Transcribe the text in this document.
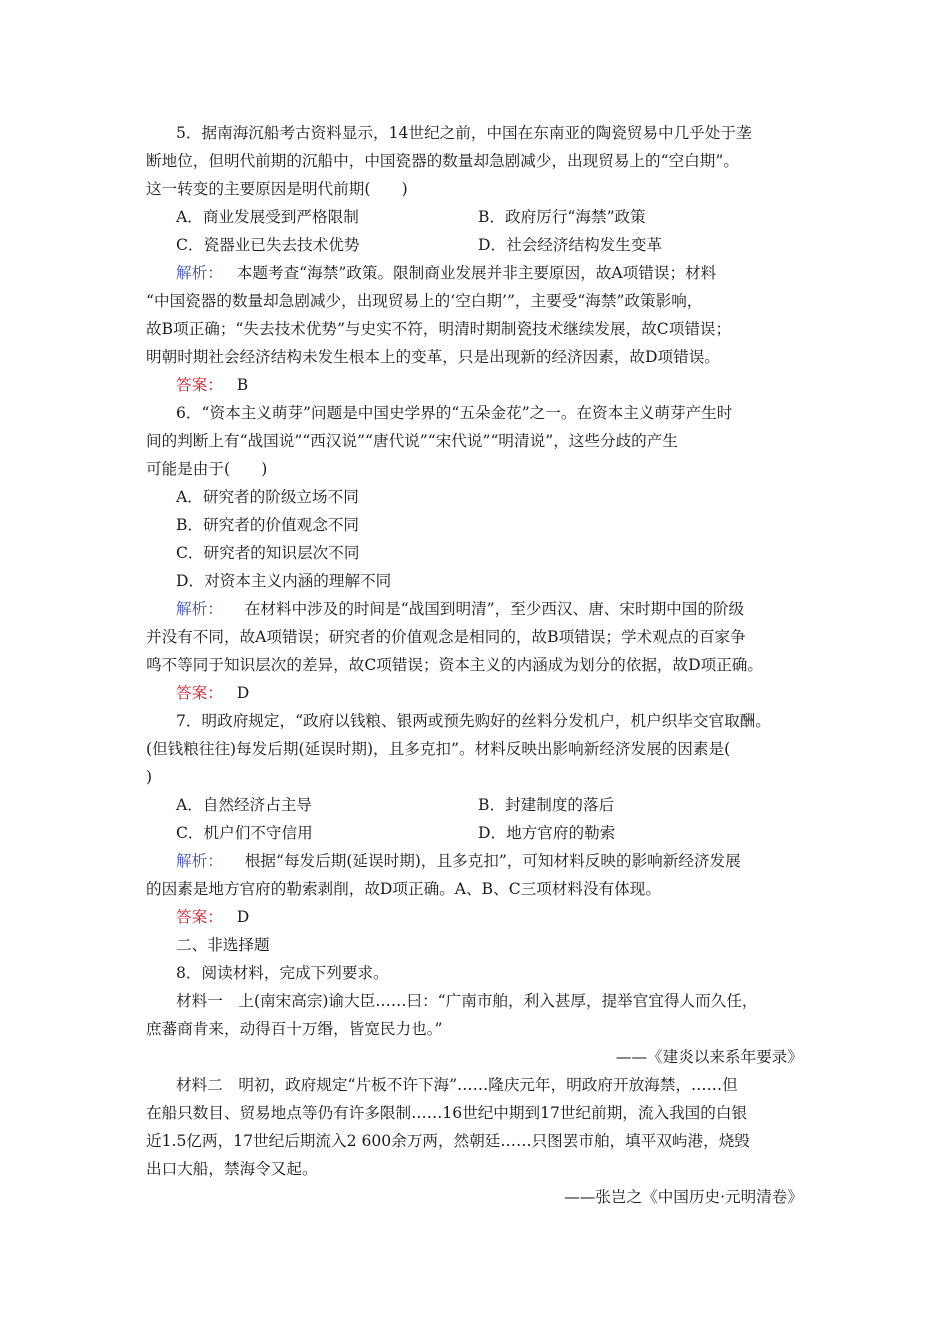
5．据南海沉船考古资料显示，14世纪之前，中国在东南亚的陶瓷贸易中几乎处于垄
断地位，但明代前期的沉船中，中国瓷器的数量却急剧减少，出现贸易上的“空白期”。
这一转变的主要原因是明代前期(　　)
A．商业发展受到严格限制	B．政府厉行“海禁”政策
C．瓷器业已失去技术优势	D．社会经济结构发生变革
解析： 本题考查“海禁”政策。限制商业发展并非主要原因，故A项错误；材料
“中国瓷器的数量却急剧减少，出现贸易上的‘空白期’”，主要受“海禁”政策影响，
故B项正确；“失去技术优势”与史实不符，明清时期制瓷技术继续发展，故C项错误；
明朝时期社会经济结构未发生根本上的变革，只是出现新的经济因素，故D项错误。
答案： B
6．“资本主义萌芽”问题是中国史学界的“五朵金花”之一。在资本主义萌芽产生时
间的判断上有“战国说”“西汉说”“唐代说”“宋代说”“明清说”，这些分歧的产生
可能是由于(　　)
A．研究者的阶级立场不同
B．研究者的价值观念不同
C．研究者的知识层次不同
D．对资本主义内涵的理解不同
解析： 在材料中涉及的时间是“战国到明清”，至少西汉、唐、宋时期中国的阶级
并没有不同，故A项错误；研究者的价值观念是相同的，故B项错误；学术观点的百家争
鸣不等同于知识层次的差异，故C项错误；资本主义的内涵成为划分的依据，故D项正确。
答案： D
7．明政府规定，“政府以钱粮、银两或预先购好的丝料分发机户，机户织毕交官取酬。
(但钱粮往往)每发后期(延误时期)，且多克扣”。材料反映出影响新经济发展的因素是(
)
A．自然经济占主导	B．封建制度的落后
C．机户们不守信用	D．地方官府的勒索
解析： 根据“每发后期(延误时期)，且多克扣”，可知材料反映的影响新经济发展
的因素是地方官府的勒索剥削，故D项正确。A、B、C三项材料没有体现。
答案： D
二、非选择题
8．阅读材料，完成下列要求。
材料一　上(南宋高宗)谕大臣……曰：“广南市舶，利入甚厚，提举官宜得人而久任，
庶蕃商肯来，动得百十万缗，皆宽民力也。”
——《建炎以来系年要录》
材料二　明初，政府规定“片板不许下海”……隆庆元年，明政府开放海禁，……但
在船只数目、贸易地点等仍有许多限制……16世纪中期到17世纪前期，流入我国的白银
近1.5亿两，17世纪后期流入2 600余万两，然朝廷……只图罢市舶，填平双屿港，烧毁
出口大船，禁海令又起。
——张岂之《中国历史·元明清卷》
